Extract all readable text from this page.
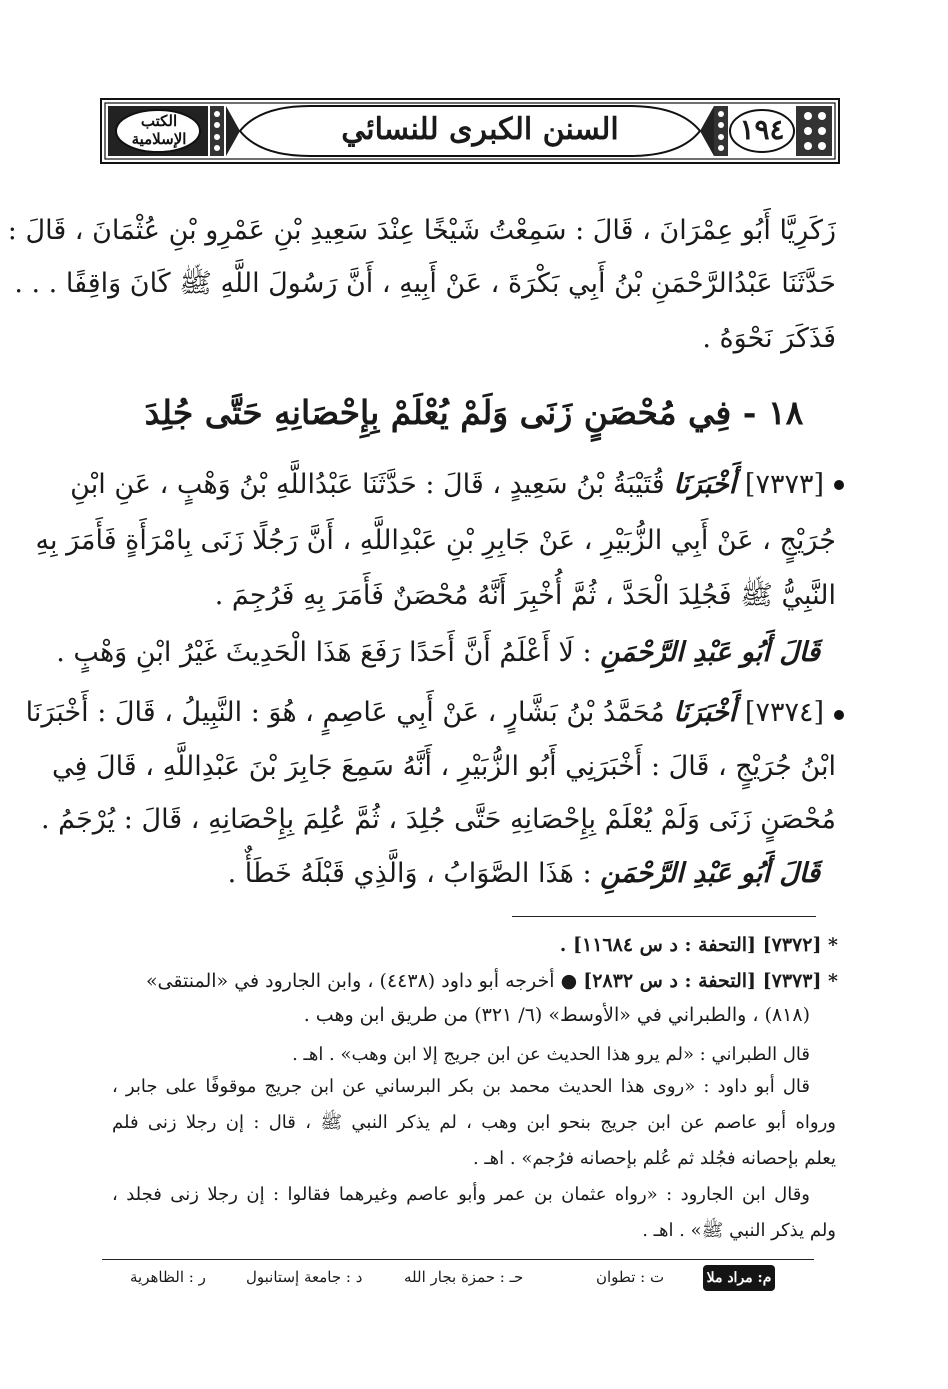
الكتب الإسلامية	السنن الكبرى للنسائي	١٩٤
زَكَرِيَّا أَبُو عِمْرَانَ ، قَالَ : سَمِعْتُ شَيْخًا عِنْدَ سَعِيدِ بْنِ عَمْرِو بْنِ عُثْمَانَ ، قَالَ :
حَدَّثَنَا عَبْدُالرَّحْمَنِ بْنُ أَبِي بَكْرَةَ ، عَنْ أَبِيهِ ، أَنَّ رَسُولَ اللَّهِ ﷺ كَانَ وَاقِفًا . . .
فَذَكَرَ نَحْوَهُ .
١٨ - فِي مُحْصَنٍ زَنَى وَلَمْ يُعْلَمْ بِإِحْصَانِهِ حَتَّى جُلِدَ
[٧٣٧٣] أَخْبَرَنَا قُتَيْبَةُ بْنُ سَعِيدٍ ، قَالَ : حَدَّثَنَا عَبْدُاللَّهِ بْنُ وَهْبٍ ، عَنِ ابْنِ
جُرَيْجٍ ، عَنْ أَبِي الزُّبَيْرِ ، عَنْ جَابِرِ بْنِ عَبْدِاللَّهِ ، أَنَّ رَجُلًا زَنَى بِامْرَأَةٍ فَأَمَرَ بِهِ
النَّبِيُّ ﷺ فَجُلِدَ الْحَدَّ ، ثُمَّ أُخْبِرَ أَنَّهُ مُحْصَنٌ فَأَمَرَ بِهِ فَرُجِمَ .
قَالَ أَبُو عَبْدِ الرَّحْمَنِ : لَا أَعْلَمُ أَنَّ أَحَدًا رَفَعَ هَذَا الْحَدِيثَ غَيْرُ ابْنِ وَهْبٍ .
[٧٣٧٤] أَخْبَرَنَا مُحَمَّدُ بْنُ بَشَّارٍ ، عَنْ أَبِي عَاصِمٍ ، هُوَ : النَّبِيلُ ، قَالَ : أَخْبَرَنَا
ابْنُ جُرَيْجٍ ، قَالَ : أَخْبَرَنِي أَبُو الزُّبَيْرِ ، أَنَّهُ سَمِعَ جَابِرَ بْنَ عَبْدِاللَّهِ ، قَالَ فِي
مُحْصَنٍ زَنَى وَلَمْ يُعْلَمْ بِإِحْصَانِهِ حَتَّى جُلِدَ ، ثُمَّ عُلِمَ بِإِحْصَانِهِ ، قَالَ : يُرْجَمُ .
قَالَ أَبُو عَبْدِ الرَّحْمَنِ : هَذَا الصَّوَابُ ، وَالَّذِي قَبْلَهُ خَطَأٌ .
* [٧٣٧٢] [التحفة : د س ١١٦٨٤] .
* [٧٣٧٣] [التحفة : د س ٢٨٣٢] ● أخرجه أبو داود (٤٤٣٨) ، وابن الجارود في «المنتقى»
(٨١٨) ، والطبراني في «الأوسط» (٦/ ٣٢١) من طريق ابن وهب .
قال الطبراني : «لم يرو هذا الحديث عن ابن جريج إلا ابن وهب» . اهـ .
قال أبو داود : «روى هذا الحديث محمد بن بكر البرساني عن ابن جريج موقوفًا على جابر ،
ورواه أبو عاصم عن ابن جريج بنحو ابن وهب ، لم يذكر النبي ﷺ ، قال : إن رجلا زنى فلم
يعلم بإحصانه فجُلد ثم عُلم بإحصانه فرُجم» . اهـ .
وقال ابن الجارود : «رواه عثمان بن عمر وأبو عاصم وغيرهما فقالوا : إن رجلا زنى فجلد ،
ولم يذكر النبي ﷺ» . اهـ .
م: مراد ملا
ت : تطوان
حـ : حمزة بجار الله
د : جامعة إستانبول
ر : الظاهرية
